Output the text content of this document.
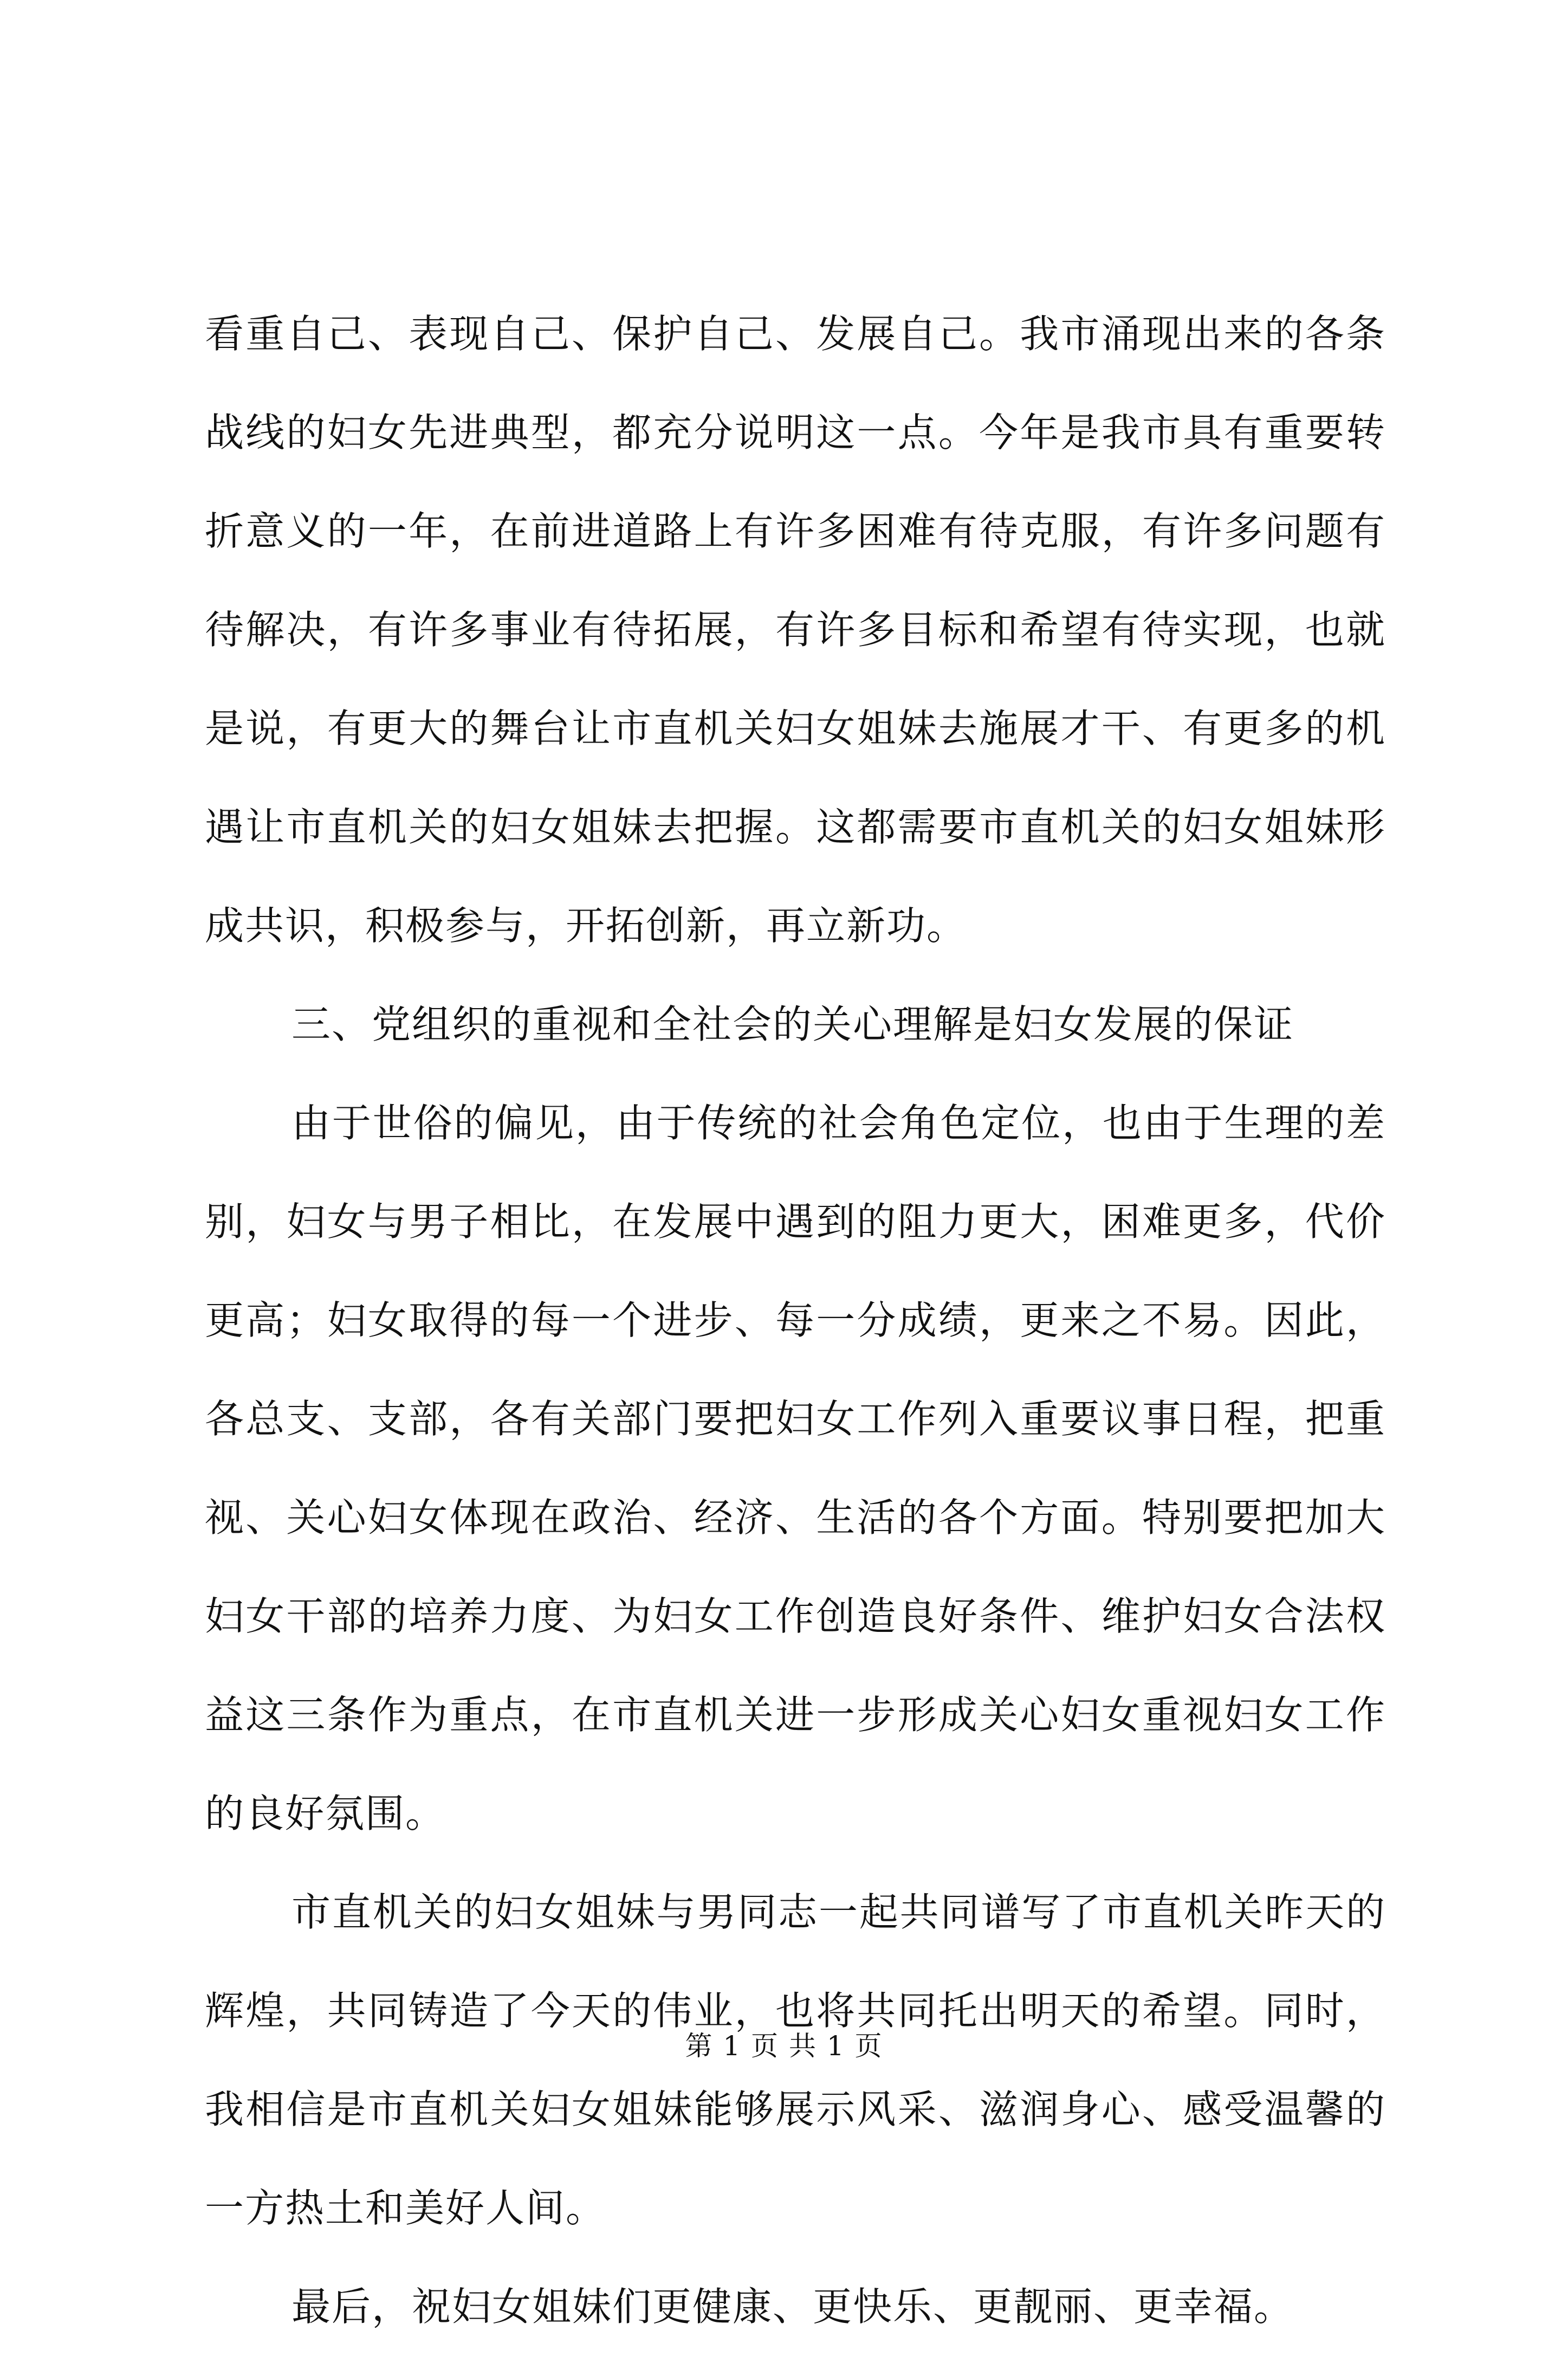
看重自己、表现自己、保护自己、发展自己。我市涌现出来的各条战线的妇女先进典型，都充分说明这一点。今年是我市具有重要转折意义的一年，在前进道路上有许多困难有待克服，有许多问题有待解决，有许多事业有待拓展，有许多目标和希望有待实现，也就是说，有更大的舞台让市直机关妇女姐妹去施展才干、有更多的机遇让市直机关的妇女姐妹去把握。这都需要市直机关的妇女姐妹形成共识，积极参与，开拓创新，再立新功。

三、党组织的重视和全社会的关心理解是妇女发展的保证

由于世俗的偏见，由于传统的社会角色定位，也由于生理的差别，妇女与男子相比，在发展中遇到的阻力更大，困难更多，代价更高；妇女取得的每一个进步、每一分成绩，更来之不易。因此，各总支、支部，各有关部门要把妇女工作列入重要议事日程，把重视、关心妇女体现在政治、经济、生活的各个方面。特别要把加大妇女干部的培养力度、为妇女工作创造良好条件、维护妇女合法权益这三条作为重点，在市直机关进一步形成关心妇女重视妇女工作的良好氛围。

市直机关的妇女姐妹与男同志一起共同谱写了市直机关昨天的辉煌，共同铸造了今天的伟业，也将共同托出明天的希望。同时，我相信是市直机关妇女姐妹能够展示风采、滋润身心、感受温馨的一方热土和美好人间。

最后，祝妇女姐妹们更健康、更快乐、更靓丽、更幸福。

第 1 页 共 1 页
